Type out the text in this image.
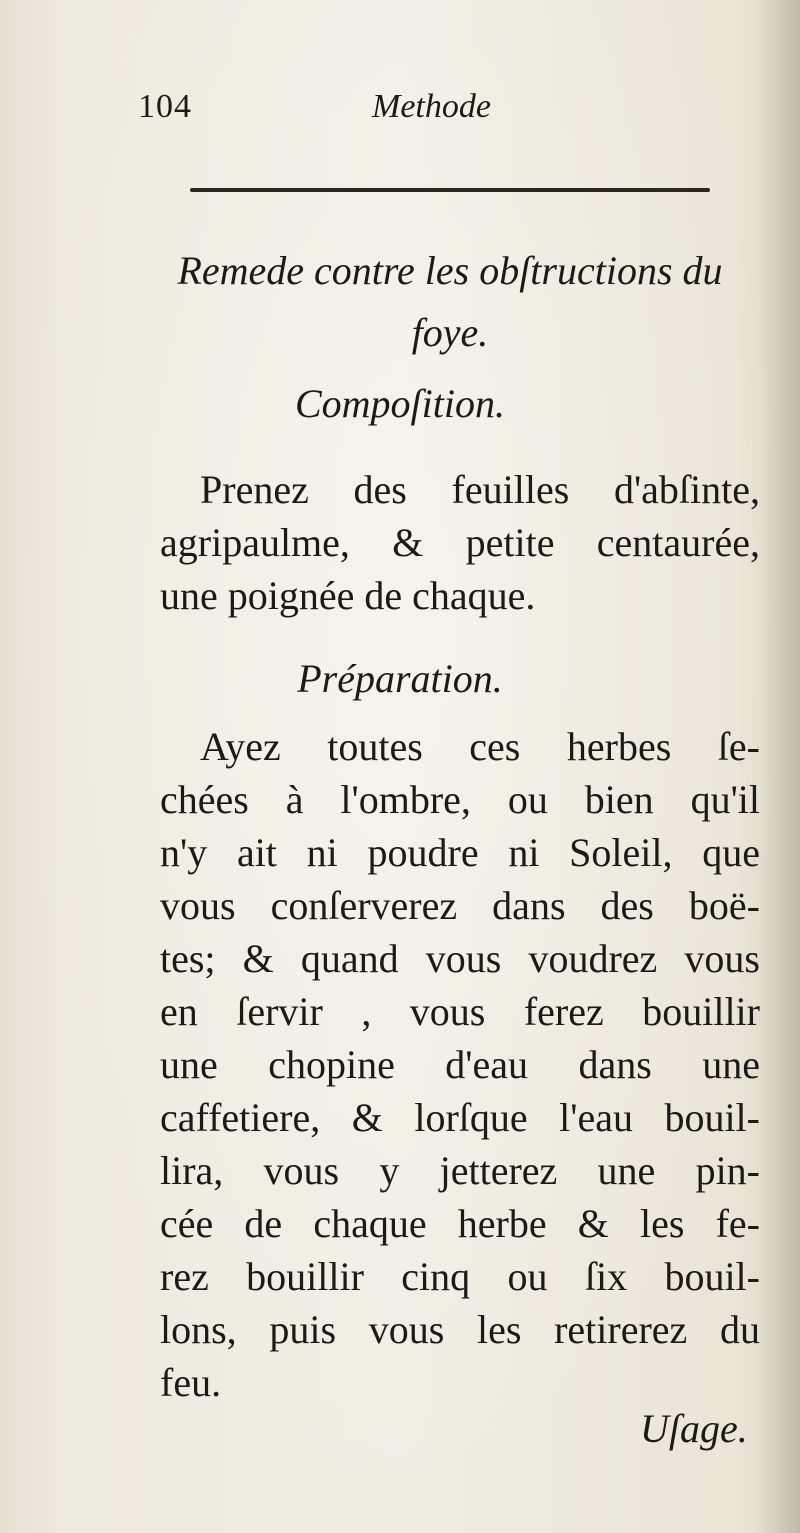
104	Methode
Remede contre les obſtructions du
foye.
Compoſition.
Prenez des feuilles d'abſinte,
agripaulme, & petite centaurée,
une poignée de chaque.
Préparation.
Ayez toutes ces herbes ſe-
chées à l'ombre, ou bien qu'il
n'y ait ni poudre ni Soleil, que
vous conſerverez dans des boë-
tes; & quand vous voudrez vous
en ſervir , vous ferez bouillir
une chopine d'eau dans une
caffetiere, & lorſque l'eau bouil-
lira, vous y jetterez une pin-
cée de chaque herbe & les fe-
rez bouillir cinq ou ſix bouil-
lons, puis vous les retirerez du
feu.
Uſage.
